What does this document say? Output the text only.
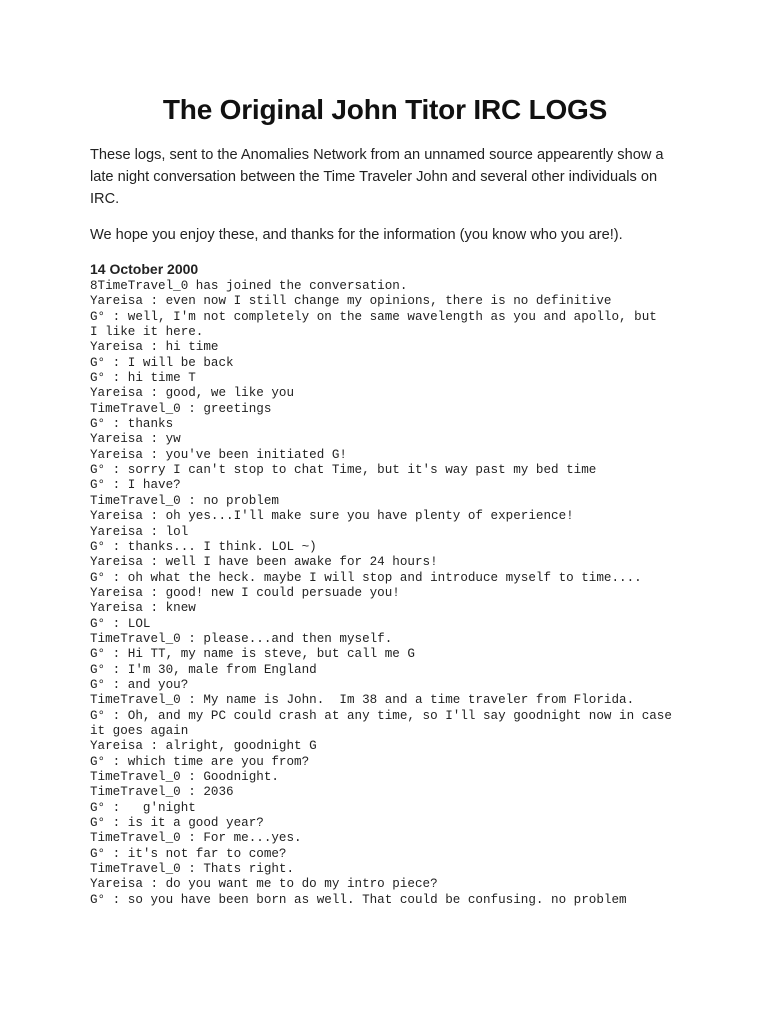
The Original John Titor IRC LOGS

These logs, sent to the Anomalies Network from an unnamed source appearently show a late night conversation between the Time Traveler John and several other individuals on IRC.

We hope you enjoy these, and thanks for the information (you know who you are!).

14 October 2000
8TimeTravel_0 has joined the conversation.
Yareisa : even now I still change my opinions, there is no definitive
G° : well, I'm not completely on the same wavelength as you and apollo, but
I like it here.
Yareisa : hi time
G° : I will be back
G° : hi time T
Yareisa : good, we like you
TimeTravel_0 : greetings
G° : thanks
Yareisa : yw
Yareisa : you've been initiated G!
G° : sorry I can't stop to chat Time, but it's way past my bed time
G° : I have?
TimeTravel_0 : no problem
Yareisa : oh yes...I'll make sure you have plenty of experience!
Yareisa : lol
G° : thanks... I think. LOL ~)
Yareisa : well I have been awake for 24 hours!
G° : oh what the heck. maybe I will stop and introduce myself to time....
Yareisa : good! new I could persuade you!
Yareisa : knew
G° : LOL
TimeTravel_0 : please...and then myself.
G° : Hi TT, my name is steve, but call me G
G° : I'm 30, male from England
G° : and you?
TimeTravel_0 : My name is John.  Im 38 and a time traveler from Florida.
G° : Oh, and my PC could crash at any time, so I'll say goodnight now in case it goes again
Yareisa : alright, goodnight G
G° : which time are you from?
TimeTravel_0 : Goodnight.
TimeTravel_0 : 2036
G° :   g'night
G° : is it a good year?
TimeTravel_0 : For me...yes.
G° : it's not far to come?
TimeTravel_0 : Thats right.
Yareisa : do you want me to do my intro piece?
G° : so you have been born as well. That could be confusing. no problem
